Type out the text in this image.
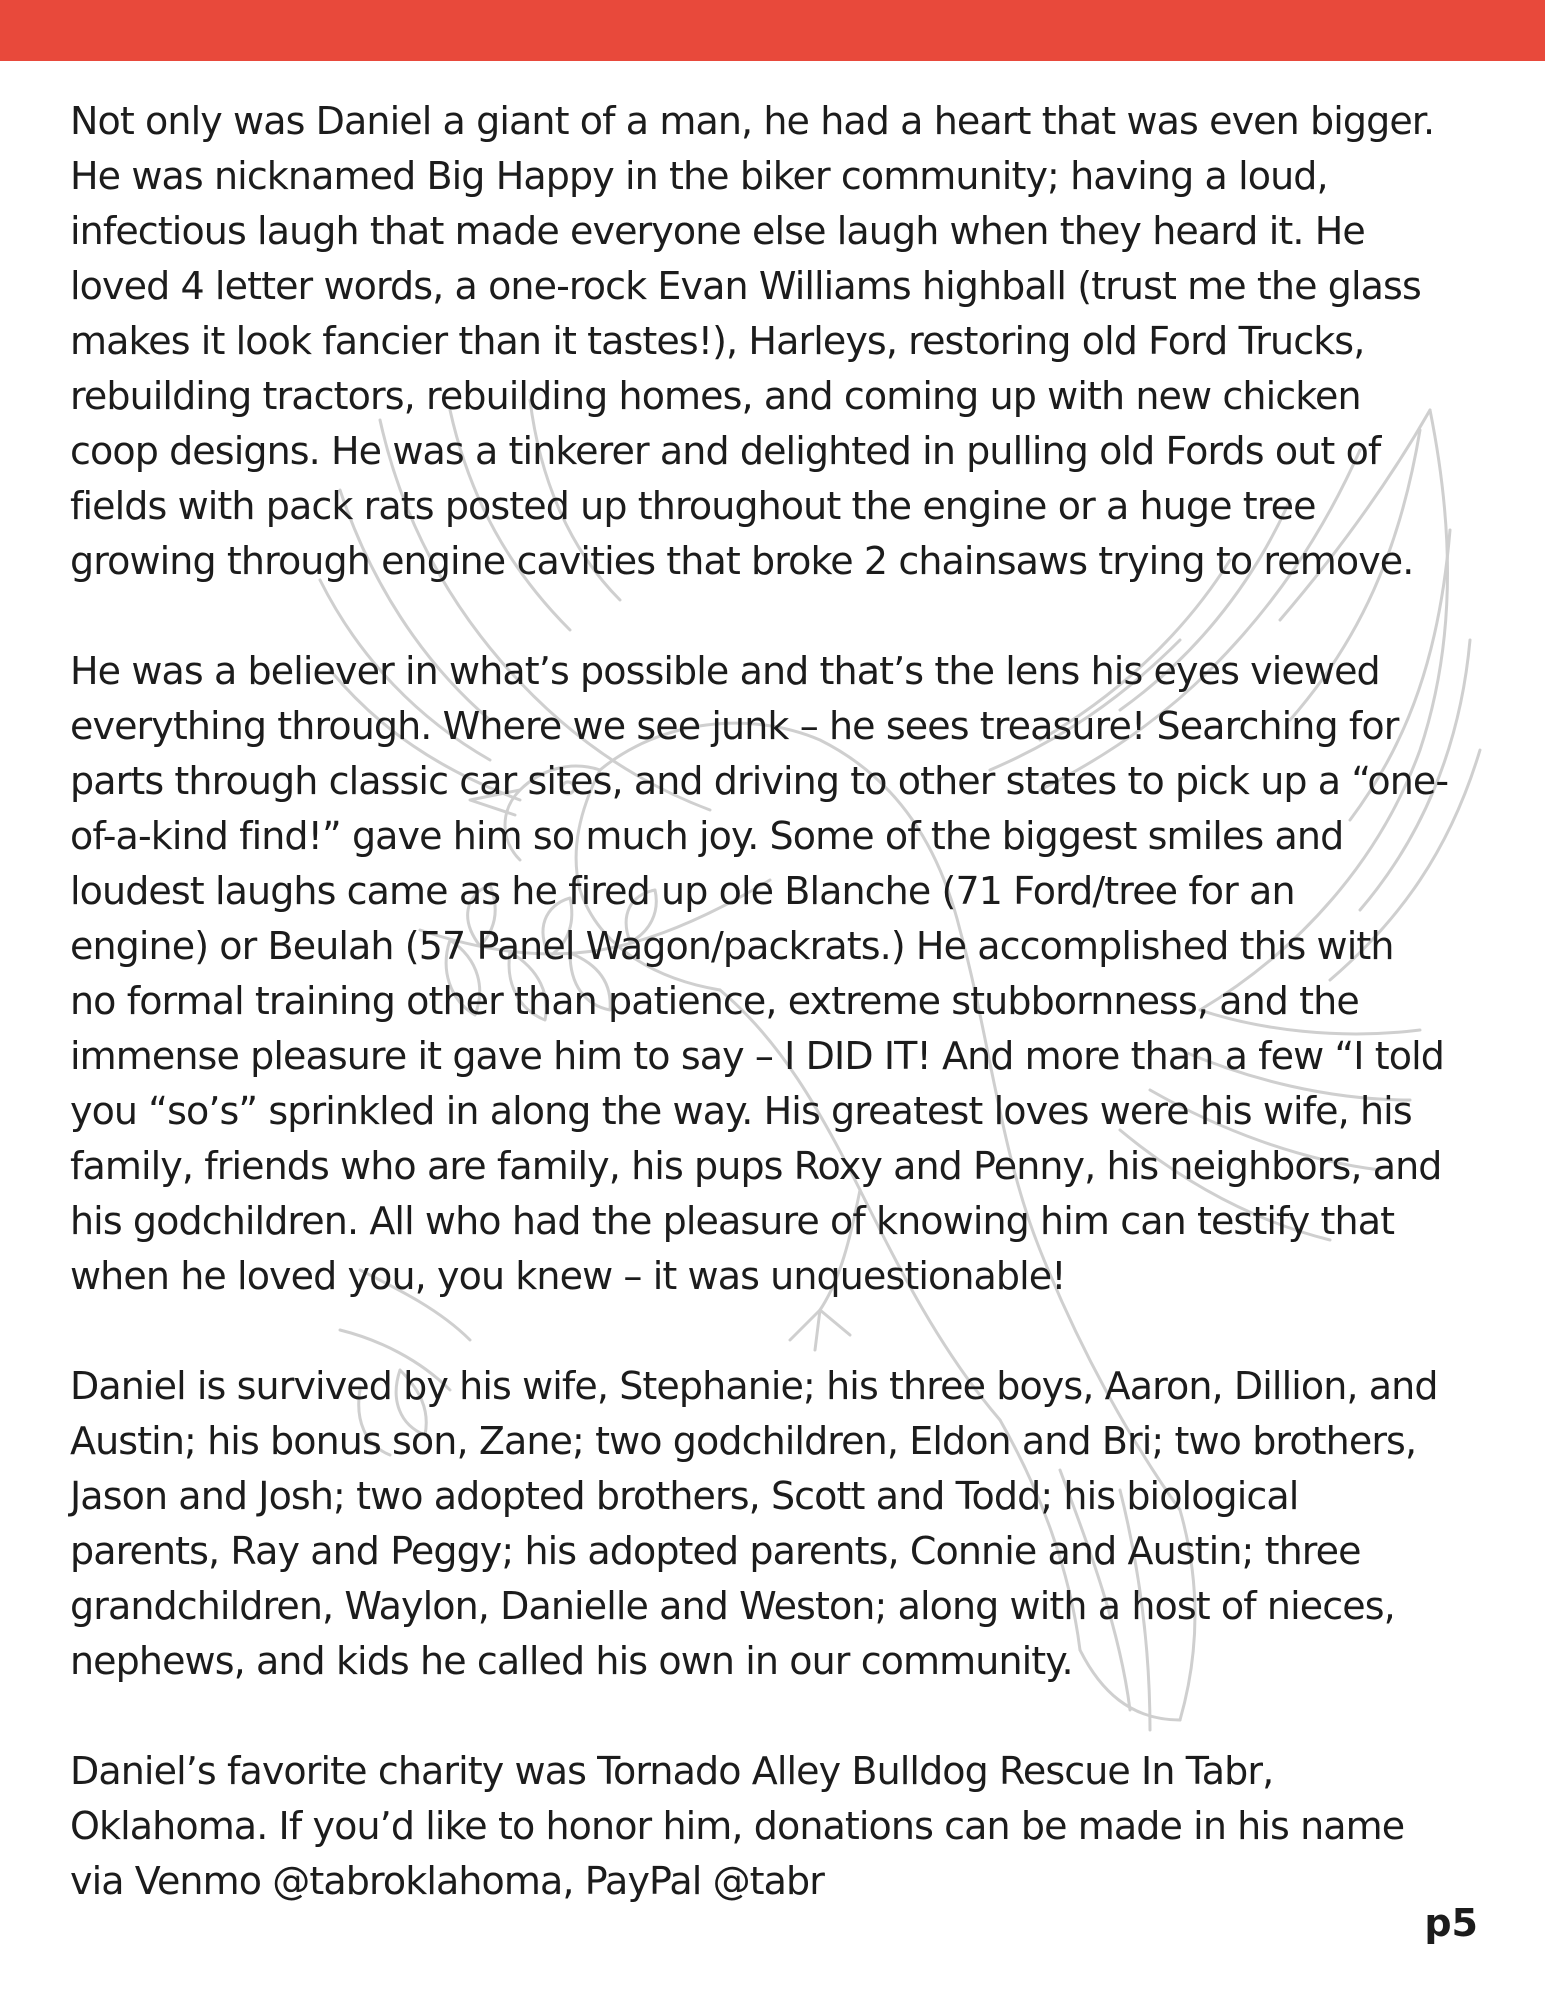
Not only was Daniel a giant of a man, he had a heart that was even bigger.
He was nicknamed Big Happy in the biker community; having a loud,
infectious laugh that made everyone else laugh when they heard it. He
loved 4 letter words, a one-rock Evan Williams highball (trust me the glass
makes it look fancier than it tastes!), Harleys, restoring old Ford Trucks,
rebuilding tractors, rebuilding homes, and coming up with new chicken
coop designs. He was a tinkerer and delighted in pulling old Fords out of
fields with pack rats posted up throughout the engine or a huge tree
growing through engine cavities that broke 2 chainsaws trying to remove.
He was a believer in what’s possible and that’s the lens his eyes viewed
everything through. Where we see junk – he sees treasure! Searching for
parts through classic car sites, and driving to other states to pick up a “one-
of-a-kind find!” gave him so much joy. Some of the biggest smiles and
loudest laughs came as he fired up ole Blanche (71 Ford/tree for an
engine) or Beulah (57 Panel Wagon/packrats.) He accomplished this with
no formal training other than patience, extreme stubbornness, and the
immense pleasure it gave him to say – I DID IT! And more than a few “I told
you “so’s” sprinkled in along the way. His greatest loves were his wife, his
family, friends who are family, his pups Roxy and Penny, his neighbors, and
his godchildren. All who had the pleasure of knowing him can testify that
when he loved you, you knew – it was unquestionable!
Daniel is survived by his wife, Stephanie; his three boys, Aaron, Dillion, and
Austin; his bonus son, Zane; two godchildren, Eldon and Bri; two brothers,
Jason and Josh; two adopted brothers, Scott and Todd; his biological
parents, Ray and Peggy; his adopted parents, Connie and Austin; three
grandchildren, Waylon, Danielle and Weston; along with a host of nieces,
nephews, and kids he called his own in our community.
Daniel’s favorite charity was Tornado Alley Bulldog Rescue In Tabr,
Oklahoma. If you’d like to honor him, donations can be made in his name
via Venmo @tabroklahoma, PayPal @tabr
p5
